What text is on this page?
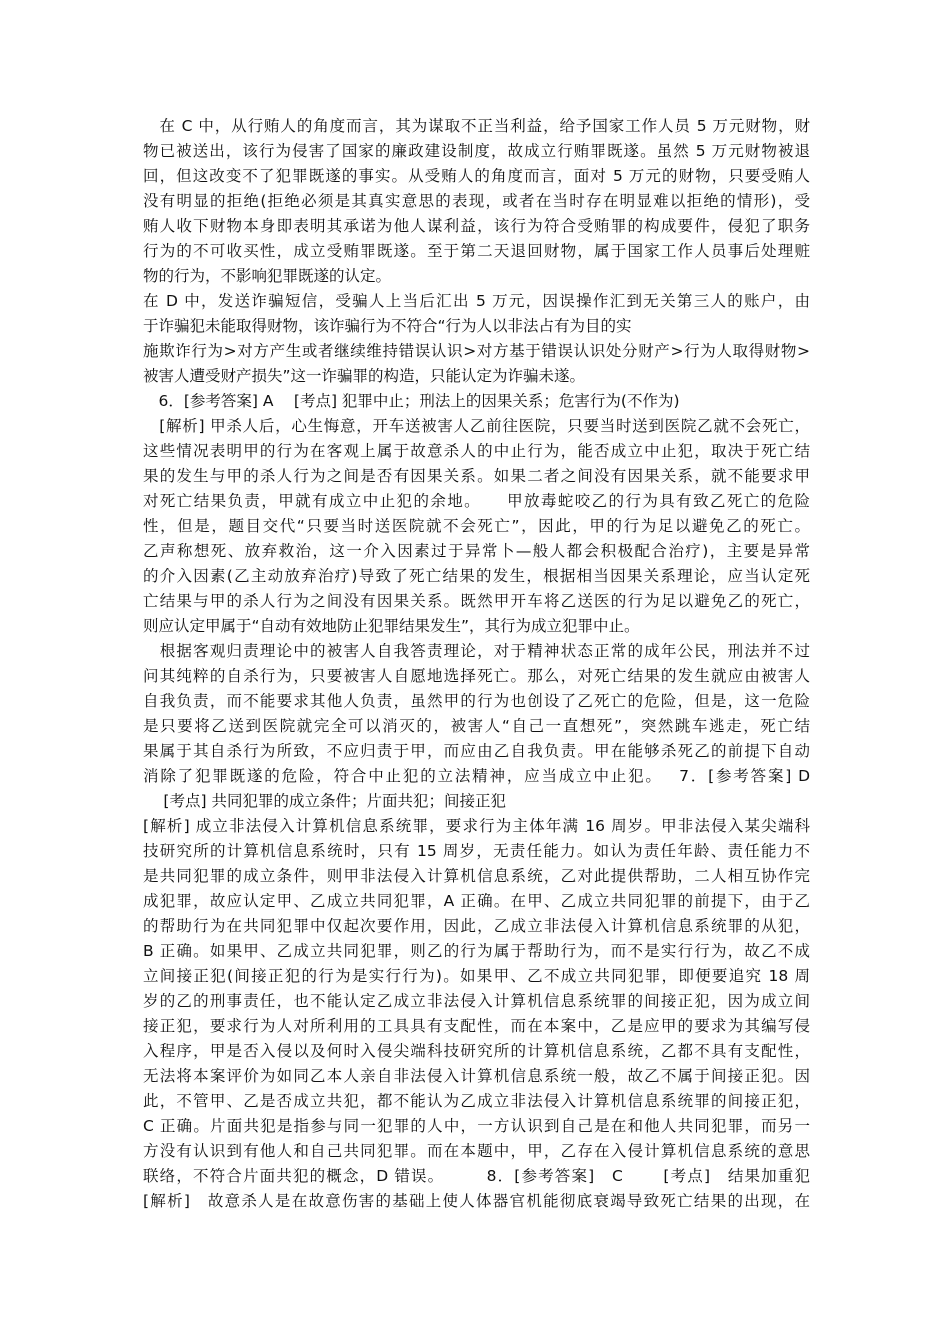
　在 C 中，从行贿人的角度而言，其为谋取不正当利益，给予国家工作人员 5 万元财物，财
物已被送出，该行为侵害了国家的廉政建设制度，故成立行贿罪既遂。虽然 5 万元财物被退
回，但这改变不了犯罪既遂的事实。从受贿人的角度而言，面对 5 万元的财物，只要受贿人
没有明显的拒绝(拒绝必须是其真实意思的表现，或者在当时存在明显难以拒绝的情形)，受
贿人收下财物本身即表明其承诺为他人谋利益，该行为符合受贿罪的构成要件，侵犯了职务
行为的不可收买性，成立受贿罪既遂。至于第二天退回财物，属于国家工作人员事后处理赃
物的行为，不影响犯罪既遂的认定。
在 D 中，发送诈骗短信，受骗人上当后汇出 5 万元，因误操作汇到无关第三人的账户，由
于诈骗犯未能取得财物，该诈骗行为不符合“行为人以非法占有为目的实
施欺诈行为>对方产生或者继续维持错误认识>对方基于错误认识处分财产>行为人取得财物>
被害人遭受财产损失”这一诈骗罪的构造，只能认定为诈骗未遂。
　6．[参考答案] A　 [考点] 犯罪中止；刑法上的因果关系；危害行为(不作为)
　[解析] 甲杀人后，心生悔意，开车送被害人乙前往医院，只要当时送到医院乙就不会死亡，
这些情况表明甲的行为在客观上属于故意杀人的中止行为，能否成立中止犯，取决于死亡结
果的发生与甲的杀人行为之间是否有因果关系。如果二者之间没有因果关系，就不能要求甲
对死亡结果负责，甲就有成立中止犯的余地。　　甲放毒蛇咬乙的行为具有致乙死亡的危险
性，但是，题目交代“只要当时送医院就不会死亡”，因此，甲的行为足以避免乙的死亡。
乙声称想死、放弃救治，这一介入因素过于异常卜—般人都会积极配合治疗)，主要是异常
的介入因素(乙主动放弃治疗)导致了死亡结果的发生，根据相当因果关系理论，应当认定死
亡结果与甲的杀人行为之间没有因果关系。既然甲开车将乙送医的行为足以避免乙的死亡，
则应认定甲属于“自动有效地防止犯罪结果发生”，其行为成立犯罪中止。
　根据客观归责理论中的被害人自我答责理论，对于精神状态正常的成年公民，刑法并不过
问其纯粹的自杀行为，只要被害人自愿地选择死亡。那么，对死亡结果的发生就应由被害人
自我负责，而不能要求其他人负责，虽然甲的行为也创设了乙死亡的危险，但是，这一危险
是只要将乙送到医院就完全可以消灭的，被害人“自己一直想死”，突然跳车逃走，死亡结
果属于其自杀行为所致，不应归责于甲，而应由乙自我负责。甲在能够杀死乙的前提下自动
消除了犯罪既遂的危险，符合中止犯的立法精神，应当成立中止犯。　 7．[参考答案] D
　 [考点] 共同犯罪的成立条件；片面共犯；间接正犯
[解析] 成立非法侵入计算机信息系统罪，要求行为主体年满 16 周岁。甲非法侵入某尖端科
技研究所的计算机信息系统时，只有 15 周岁，无责任能力。如认为责任年龄、责任能力不
是共同犯罪的成立条件，则甲非法侵入计算机信息系统，乙对此提供帮助，二人相互协作完
成犯罪，故应认定甲、乙成立共同犯罪，A 正确。在甲、乙成立共同犯罪的前提下，由于乙
的帮助行为在共同犯罪中仅起次要作用，因此，乙成立非法侵入计算机信息系统罪的从犯，
B 正确。如果甲、乙成立共同犯罪，则乙的行为属于帮助行为，而不是实行行为，故乙不成
立间接正犯(间接正犯的行为是实行行为)。如果甲、乙不成立共同犯罪，即便要追究 18 周
岁的乙的刑事责任，也不能认定乙成立非法侵入计算机信息系统罪的间接正犯，因为成立间
接正犯，要求行为人对所利用的工具具有支配性，而在本案中，乙是应甲的要求为其编写侵
入程序，甲是否入侵以及何时入侵尖端科技研究所的计算机信息系统，乙都不具有支配性，
无法将本案评价为如同乙本人亲自非法侵入计算机信息系统一般，故乙不属于间接正犯。因
此，不管甲、乙是否成立共犯，都不能认为乙成立非法侵入计算机信息系统罪的间接正犯，
C 正确。片面共犯是指参与同一犯罪的人中，一方认识到自己是在和他人共同犯罪，而另一
方没有认识到有他人和自己共同犯罪。而在本题中，甲，乙存在入侵计算机信息系统的意思
联络，不符合片面共犯的概念，D 错误。　　　8．[参考答案]　C　　 [考点]　结果加重犯
[解析]　故意杀人是在故意伤害的基础上使人体器官机能彻底衰竭导致死亡结果的出现，在
